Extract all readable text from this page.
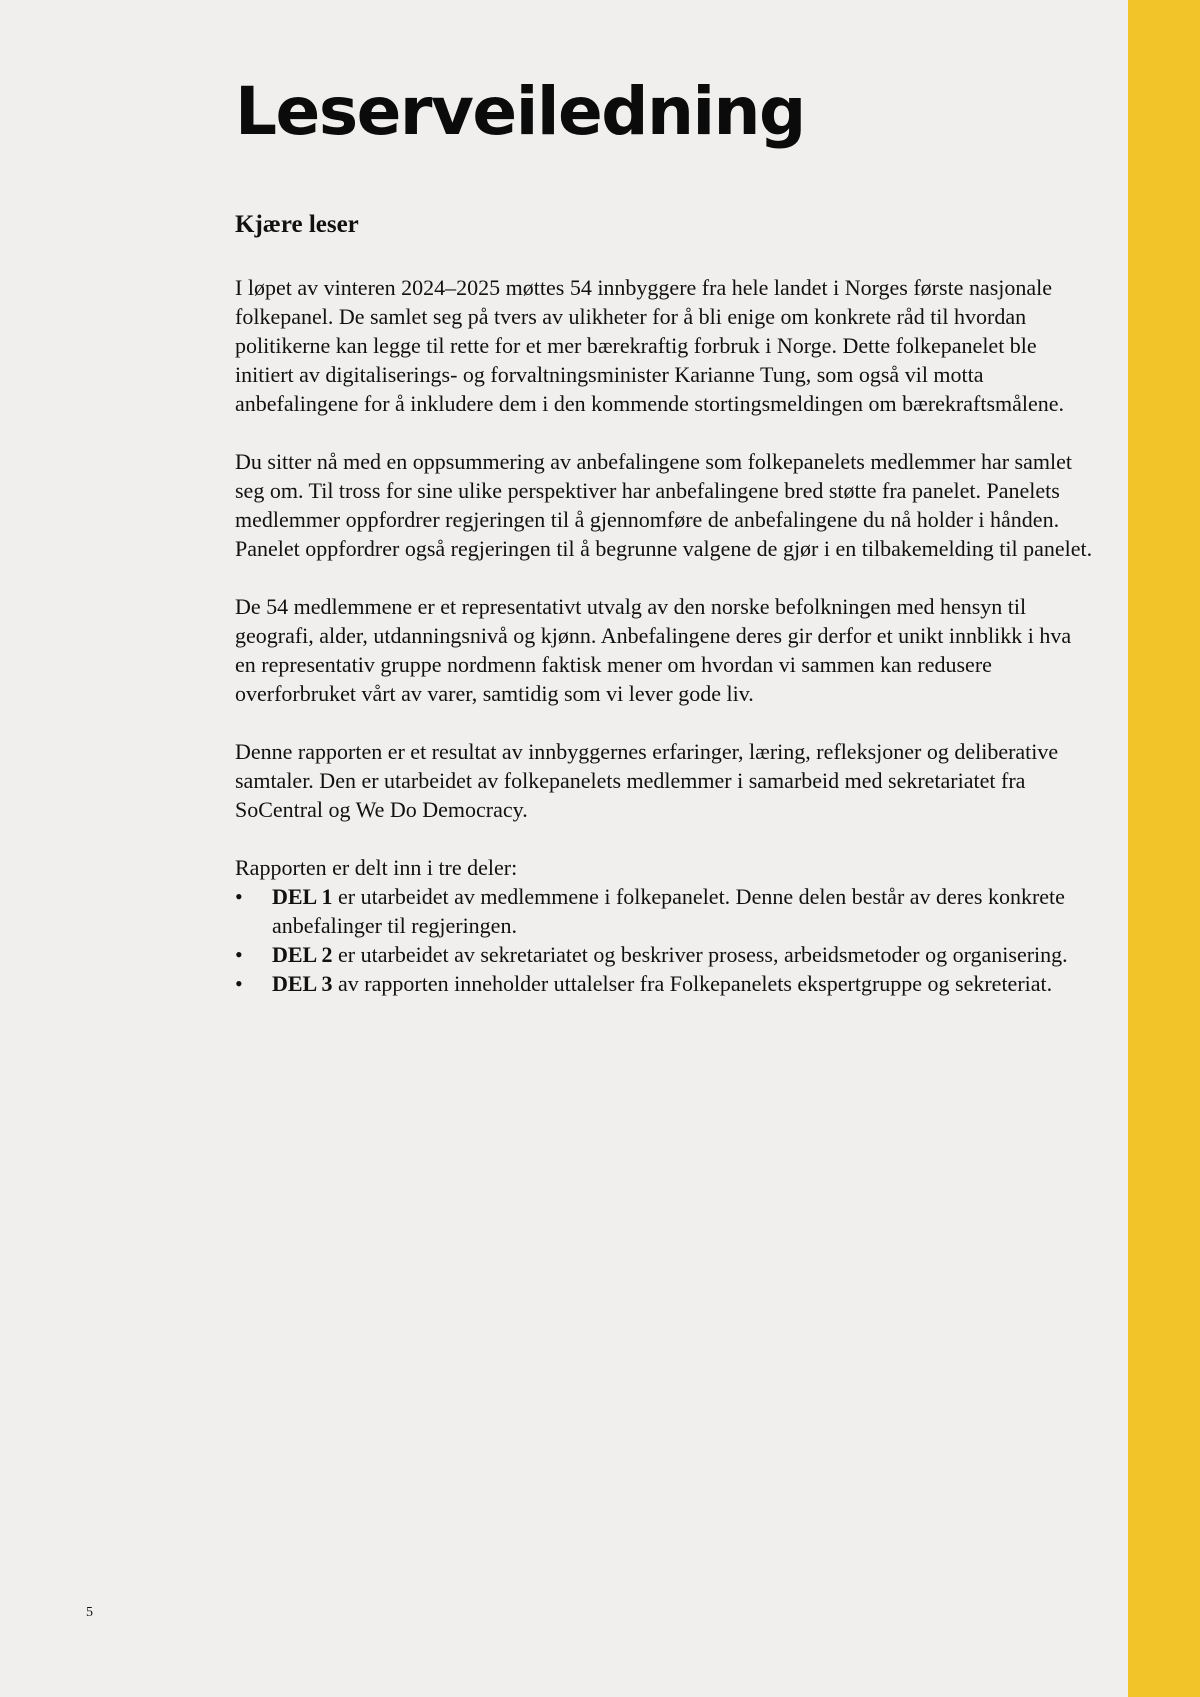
Leserveiledning
Kjære leser

I løpet av vinteren 2024–2025 møttes 54 innbyggere fra hele landet i Norges første nasjonale folkepanel. De samlet seg på tvers av ulikheter for å bli enige om konkrete råd til hvordan politikerne kan legge til rette for et mer bærekraftig forbruk i Norge. Dette folkepanelet ble initiert av digitaliserings- og forvaltningsminister Karianne Tung, som også vil motta anbefalingene for å inkludere dem i den kommende stortingsmeldingen om bærekraftsmålene.

Du sitter nå med en oppsummering av anbefalingene som folkepanelets medlemmer har samlet seg om. Til tross for sine ulike perspektiver har anbefalingene bred støtte fra panelet. Panelets medlemmer oppfordrer regjeringen til å gjennomføre de anbefalingene du nå holder i hånden. Panelet oppfordrer også regjeringen til å begrunne valgene de gjør i en tilbakemelding til panelet.

De 54 medlemmene er et representativt utvalg av den norske befolkningen med hensyn til geografi, alder, utdanningsnivå og kjønn. Anbefalingene deres gir derfor et unikt innblikk i hva en representativ gruppe nordmenn faktisk mener om hvordan vi sammen kan redusere overforbruket vårt av varer, samtidig som vi lever gode liv.

Denne rapporten er et resultat av innbyggernes erfaringer, læring, refleksjoner og deliberative samtaler. Den er utarbeidet av folkepanelets medlemmer i samarbeid med sekretariatet fra SoCentral og We Do Democracy.

Rapporten er delt inn i tre deler:

• DEL 1 er utarbeidet av medlemmene i folkepanelet. Denne delen består av deres konkrete anbefalinger til regjeringen.
• DEL 2 er utarbeidet av sekretariatet og beskriver prosess, arbeidsmetoder og organisering.
• DEL 3 av rapporten inneholder uttalelser fra Folkepanelets ekspertgruppe og sekreteriat.
5
